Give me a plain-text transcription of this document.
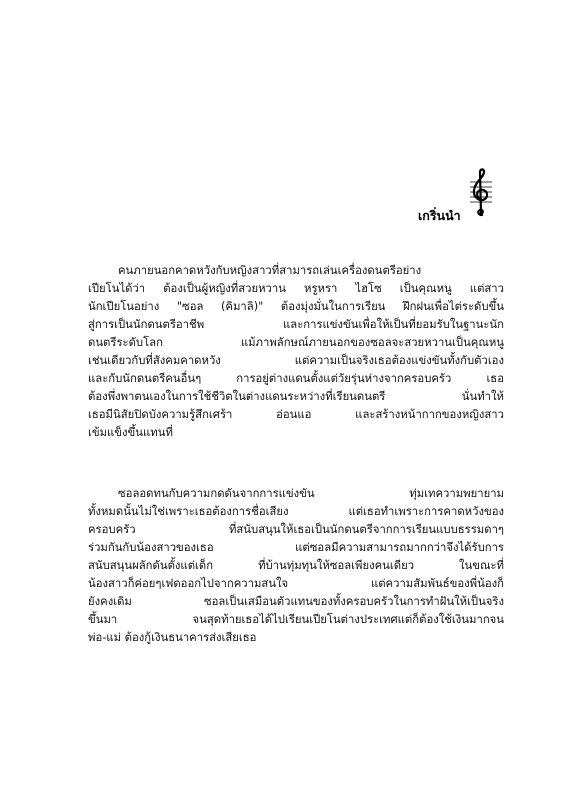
เกริ่นนำ
คนภายนอกคาดหวังกับหญิงสาวที่สามารถเล่นเครื่องดนตรีอย่าง
เปียโนได้ว่า ต้องเป็นผู้หญิงที่สวยหวาน หรูหรา ไฮโซ เป็นคุณหนู แต่สาว
นักเปียโนอย่าง "ซอล (คิมาลิ)" ต้องมุ่งมั่นในการเรียน ฝึกฝนเพื่อไต่ระดับขึ้น
สู่การเป็นนักดนตรีอาชีพ และการแข่งขันเพื่อให้เป็นที่ยอมรับในฐานะนัก
ดนตรีระดับโลก แม้ภาพลักษณ์ภายนอกของซอลจะสวยหวานเป็นคุณหนู
เช่นเดียวกับที่สังคมคาดหวัง แต่ความเป็นจริงเธอต้องแข่งขันทั้งกับตัวเอง
และกับนักดนตรีคนอื่นๆ การอยู่ต่างแดนตั้งแต่วัยรุ่นห่างจากครอบครัว เธอ
ต้องพึ่งพาตนเองในการใช้ชีวิตในต่างแดนระหว่างที่เรียนดนตรี นั่นทำให้
เธอมีนิสัยปิดบังความรู้สึกเศร้า อ่อนแอ และสร้างหน้ากากของหญิงสาว
เข้มแข็งขึ้นแทนที่
ซอลอดทนกับความกดดันจากการแข่งขัน ทุ่มเทความพยายาม
ทั้งหมดนั้นไม่ใช่เพราะเธอต้องการชื่อเสียง แต่เธอทำเพราะการคาดหวังของ
ครอบครัว ที่สนับสนุนให้เธอเป็นนักดนตรีจากการเรียนแบบธรรมดาๆ
ร่วมกันกับน้องสาวของเธอ แต่ซอลมีความสามารถมากกว่าจึงได้รับการ
สนับสนุนผลักดันตั้งแต่เด็ก ที่บ้านทุ่มทุนให้ซอลเพียงคนเดียว ในขณะที่
น้องสาวก็ค่อยๆเฟดออกไปจากความสนใจ แต่ความสัมพันธ์ของพี่น้องก็
ยังคงเดิม ซอลเป็นเสมือนตัวแทนของทั้งครอบครัวในการทำฝันให้เป็นจริง
ขึ้นมา จนสุดท้ายเธอได้ไปเรียนเปียโนต่างประเทศแต่ก็ต้องใช้เงินมากจน
พ่อ-แม่ ต้องกู้เงินธนาคารส่งเสียเธอ
